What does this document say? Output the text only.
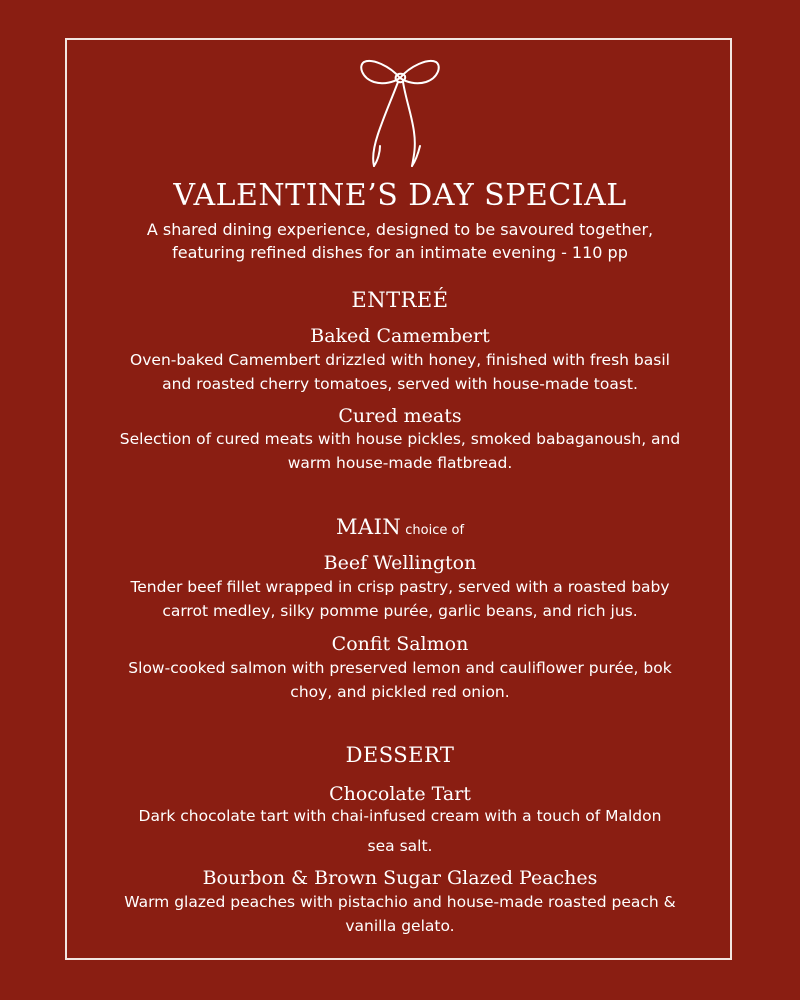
VALENTINE’S DAY SPECIAL
A shared dining experience, designed to be savoured together,
featuring refined dishes for an intimate evening - 110 pp
ENTREÉ
Baked Camembert
Oven-baked Camembert drizzled with honey, finished with fresh basil
and roasted cherry tomatoes, served with house-made toast.
Cured meats
Selection of cured meats with house pickles, smoked babaganoush, and
warm house-made flatbread.
MAIN choice of
Beef Wellington
Tender beef fillet wrapped in crisp pastry, served with a roasted baby
carrot medley, silky pomme purée, garlic beans, and rich jus.
Confit Salmon
Slow-cooked salmon with preserved lemon and cauliflower purée, bok
choy, and pickled red onion.
DESSERT
Chocolate Tart
Dark chocolate tart with chai-infused cream with a touch of Maldon
sea salt.
Bourbon & Brown Sugar Glazed Peaches
Warm glazed peaches with pistachio and house-made roasted peach &
vanilla gelato.
